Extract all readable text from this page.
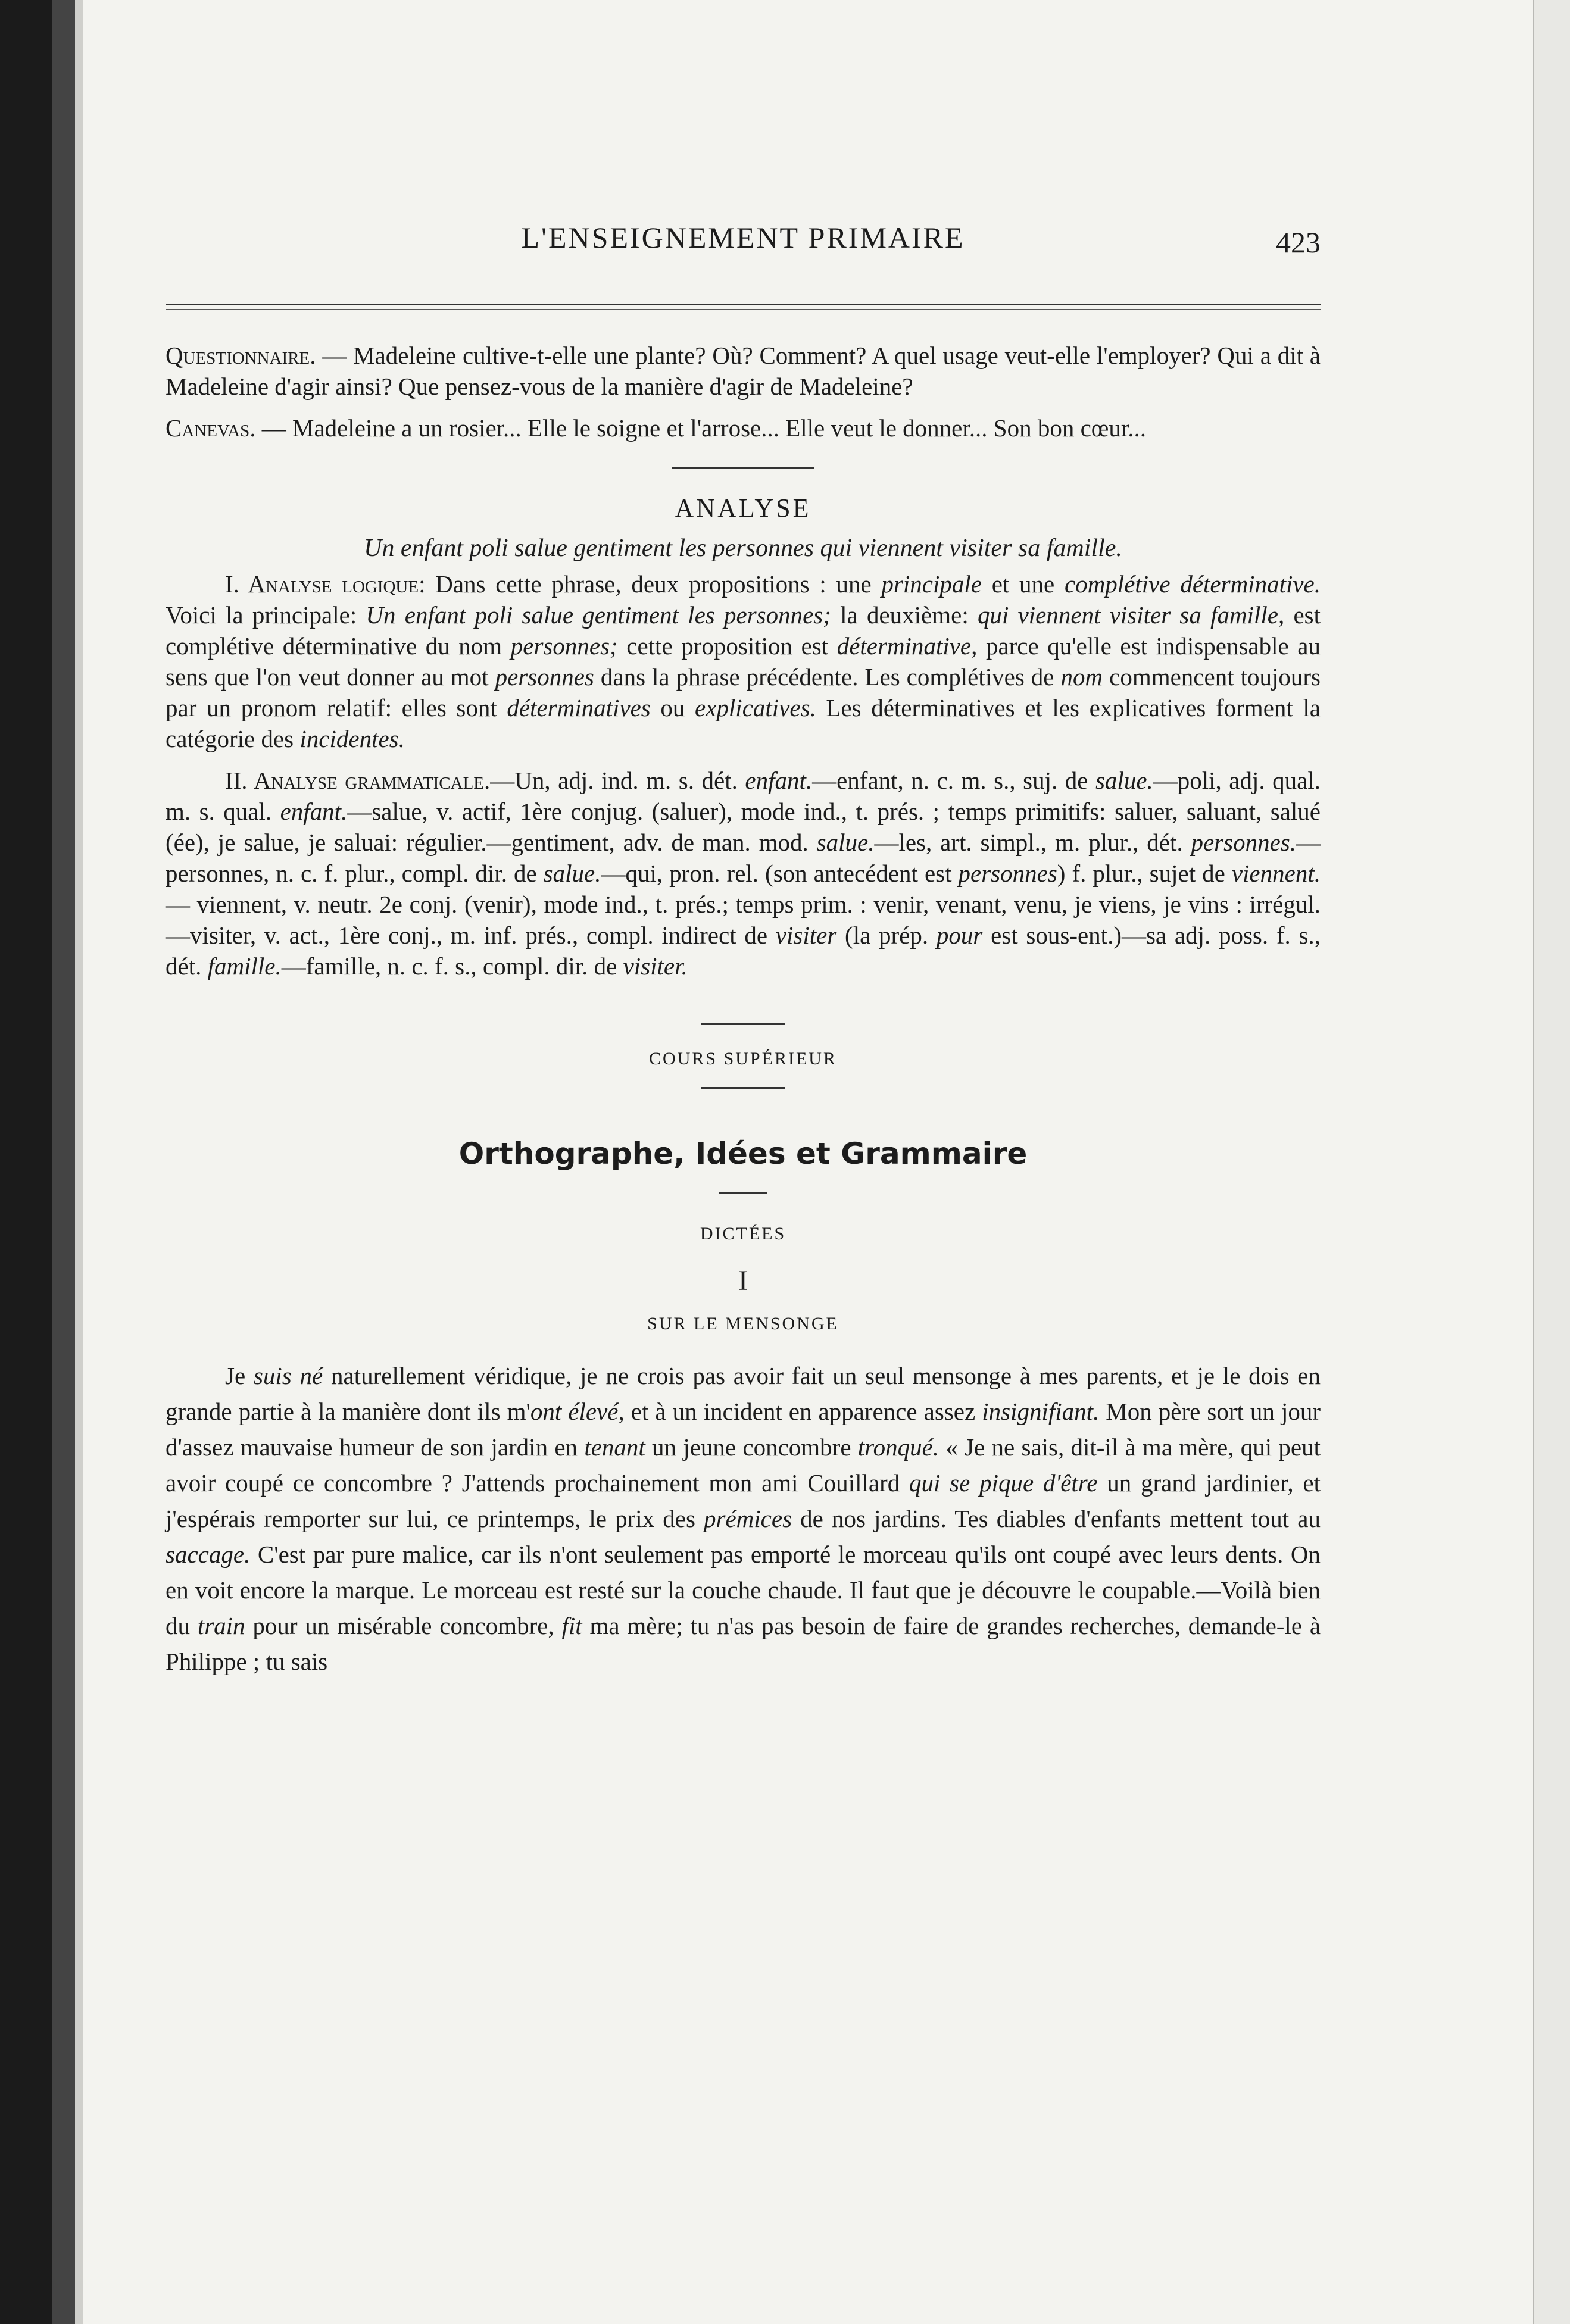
L'ENSEIGNEMENT PRIMAIRE	423

Questionnaire. — Madeleine cultive-t-elle une plante? Où? Comment? A quel usage veut-elle l'employer? Qui a dit à Madeleine d'agir ainsi? Que pensez-vous de la manière d'agir de Madeleine?

Canevas. — Madeleine a un rosier... Elle le soigne et l'arrose... Elle veut le donner... Son bon cœur...

ANALYSE

Un enfant poli salue gentiment les personnes qui viennent visiter sa famille.

I. Analyse logique: Dans cette phrase, deux propositions : une principale et une complétive déterminative. Voici la principale: Un enfant poli salue gentiment les personnes; la deuxième: qui viennent visiter sa famille, est complétive déterminative du nom personnes; cette proposition est déterminative, parce qu'elle est indispensable au sens que l'on veut donner au mot personnes dans la phrase précédente. Les complétives de nom commencent toujours par un pronom relatif: elles sont déterminatives ou explicatives. Les déterminatives et les explicatives forment la catégorie des incidentes.

II. Analyse grammaticale.—Un, adj. ind. m. s. dét. enfant.—enfant, n. c. m. s., suj. de salue.—poli, adj. qual. m. s. qual. enfant.—salue, v. actif, 1ère conjug. (saluer), mode ind., t. prés. ; temps primitifs: saluer, saluant, salué (ée), je salue, je saluai: régulier.—gentiment, adv. de man. mod. salue.—les, art. simpl., m. plur., dét. personnes.—personnes, n. c. f. plur., compl. dir. de salue.—qui, pron. rel. (son antecédent est personnes) f. plur., sujet de viennent.— viennent, v. neutr. 2e conj. (venir), mode ind., t. prés.; temps prim. : venir, venant, venu, je viens, je vins : irrégul.—visiter, v. act., 1ère conj., m. inf. prés., compl. indirect de visiter (la prép. pour est sous-ent.)—sa adj. poss. f. s., dét. famille.—famille, n. c. f. s., compl. dir. de visiter.

COURS SUPÉRIEUR
Orthographe, Idées et Grammaire
DICTÉES
I
SUR LE MENSONGE

Je suis né naturellement véridique, je ne crois pas avoir fait un seul mensonge à mes parents, et je le dois en grande partie à la manière dont ils m'ont élevé, et à un incident en apparence assez insignifiant. Mon père sort un jour d'assez mauvaise humeur de son jardin en tenant un jeune concombre tronqué. « Je ne sais, dit-il à ma mère, qui peut avoir coupé ce concombre ? J'attends prochainement mon ami Couillard qui se pique d'être un grand jardinier, et j'espérais remporter sur lui, ce printemps, le prix des prémices de nos jardins. Tes diables d'enfants mettent tout au saccage. C'est par pure malice, car ils n'ont seulement pas emporté le morceau qu'ils ont coupé avec leurs dents. On en voit encore la marque. Le morceau est resté sur la couche chaude. Il faut que je découvre le coupable.—Voilà bien du train pour un misérable concombre, fit ma mère; tu n'as pas besoin de faire de grandes recherches, demande-le à Philippe ; tu sais
